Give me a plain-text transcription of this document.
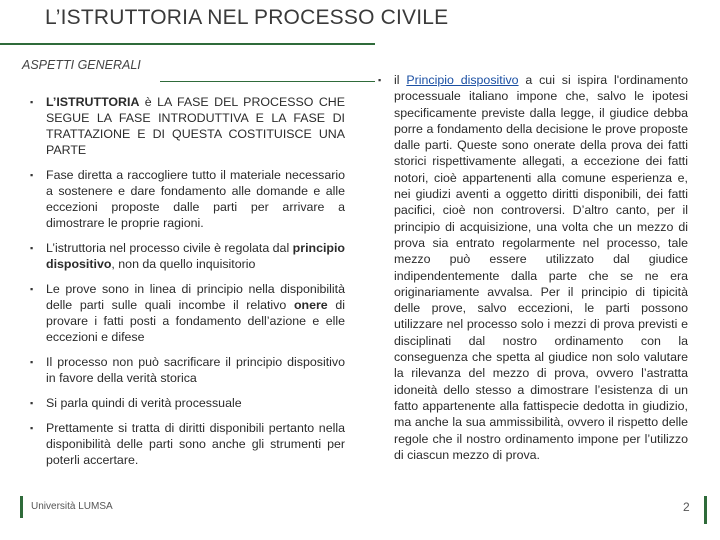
L’ISTRUTTORIA NEL PROCESSO CIVILE
ASPETTI GENERALI
▪ L’ISTRUTTORIA è LA FASE DEL PROCESSO CHE SEGUE LA FASE INTRODUTTIVA E LA FASE DI TRATTAZIONE E DI QUESTA COSTITUISCE UNA PARTE
▪ Fase diretta a raccogliere tutto il materiale necessario a sostenere e dare fondamento alle domande e alle eccezioni proposte dalle parti per arrivare a dimostrare le proprie ragioni.
▪ L’istruttoria nel processo civile è regolata dal principio dispositivo, non da quello inquisitorio
▪ Le prove sono in linea di principio nella disponibilità delle parti sulle quali incombe il relativo onere di provare i fatti posti a fondamento dell’azione e elle eccezioni e difese
▪ Il processo non può sacrificare il principio dispositivo in favore della verità storica
▪ Si parla quindi di verità processuale
▪ Prettamente si tratta di diritti disponibili pertanto nella disponibilità delle parti sono anche gli strumenti per poterli accertare.
▪ il Principio dispositivo a cui si ispira l'ordinamento processuale italiano impone che, salvo le ipotesi specificamente previste dalla legge, il giudice debba porre a fondamento della decisione le prove proposte dalle parti. Queste sono onerate della prova dei fatti storici rispettivamente allegati, a eccezione dei fatti notori, cioè appartenenti alla comune esperienza e, nei giudizi aventi a oggetto diritti disponibili, dei fatti pacifici, cioè non controversi. D’altro canto, per il principio di acquisizione, una volta che un mezzo di prova sia entrato regolarmente nel processo, tale mezzo può essere utilizzato dal giudice indipendentemente dalla parte che se ne era originariamente avvalsa. Per il principio di tipicità delle prove, salvo eccezioni, le parti possono utilizzare nel processo solo i mezzi di prova previsti e disciplinati dal nostro ordinamento con la conseguenza che spetta al giudice non solo valutare la rilevanza del mezzo di prova, ovvero l’astratta idoneità dello stesso a dimostrare l’esistenza di un fatto appartenente alla fattispecie dedotta in giudizio, ma anche la sua ammissibilità, ovvero il rispetto delle regole che il nostro ordinamento impone per l’utilizzo di ciascun mezzo di prova.
Università LUMSA	2
